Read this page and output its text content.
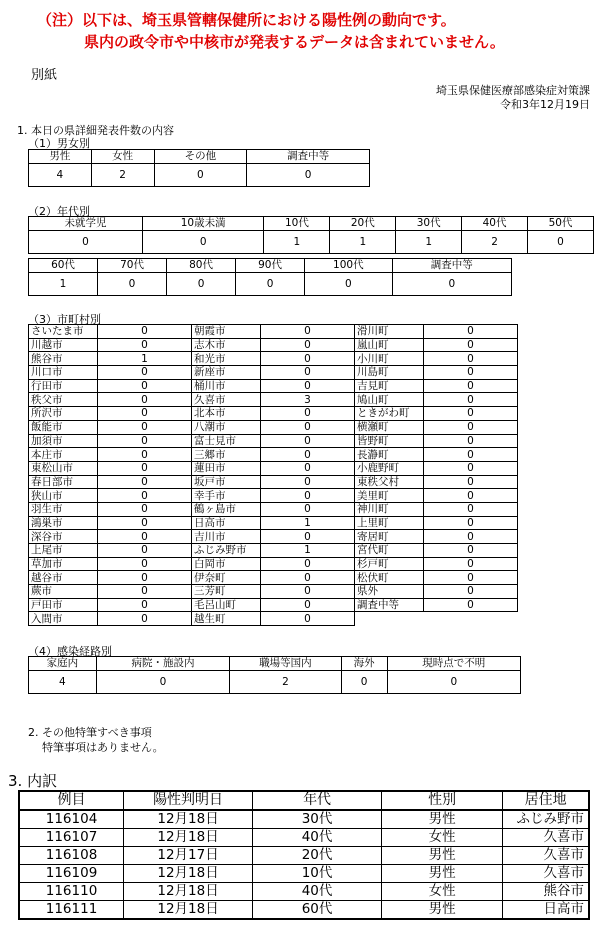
（注）以下は、埼玉県管轄保健所における陽性例の動向です。
県内の政令市や中核市が発表するデータは含まれていません。
別紙
埼玉県保健医療部感染症対策課
令和3年12月19日
1. 本日の県詳細発表件数の内容
（1）男女別
男性	女性	その他	調査中等
4	2	0	0
（2）年代別
未就学児	10歳未満	10代	20代	30代	40代	50代
0	0	1	1	1	2	0
60代	70代	80代	90代	100代	調査中等
1	0	0	0	0	0
（3）市町村別
さいたま市	0	朝霞市	0	滑川町	0
川越市	0	志木市	0	嵐山町	0
熊谷市	1	和光市	0	小川町	0
川口市	0	新座市	0	川島町	0
行田市	0	桶川市	0	吉見町	0
秩父市	0	久喜市	3	鳩山町	0
所沢市	0	北本市	0	ときがわ町	0
飯能市	0	八潮市	0	横瀬町	0
加須市	0	富士見市	0	皆野町	0
本庄市	0	三郷市	0	長瀞町	0
東松山市	0	蓮田市	0	小鹿野町	0
春日部市	0	坂戸市	0	東秩父村	0
狭山市	0	幸手市	0	美里町	0
羽生市	0	鶴ヶ島市	0	神川町	0
鴻巣市	0	日高市	1	上里町	0
深谷市	0	吉川市	0	寄居町	0
上尾市	0	ふじみ野市	1	宮代町	0
草加市	0	白岡市	0	杉戸町	0
越谷市	0	伊奈町	0	松伏町	0
蕨市	0	三芳町	0	県外	0
戸田市	0	毛呂山町	0	調査中等	0
入間市	0	越生町	0		
（4）感染経路別
家庭内	病院・施設内	職場等国内	海外	現時点で不明
4	0	2	0	0
2. その他特筆すべき事項
特筆事項はありません。
3. 内訳
例目	陽性判明日	年代	性別	居住地
116104	12月18日	30代	男性	ふじみ野市
116107	12月18日	40代	女性	久喜市
116108	12月17日	20代	男性	久喜市
116109	12月18日	10代	男性	久喜市
116110	12月18日	40代	女性	熊谷市
116111	12月18日	60代	男性	日高市
